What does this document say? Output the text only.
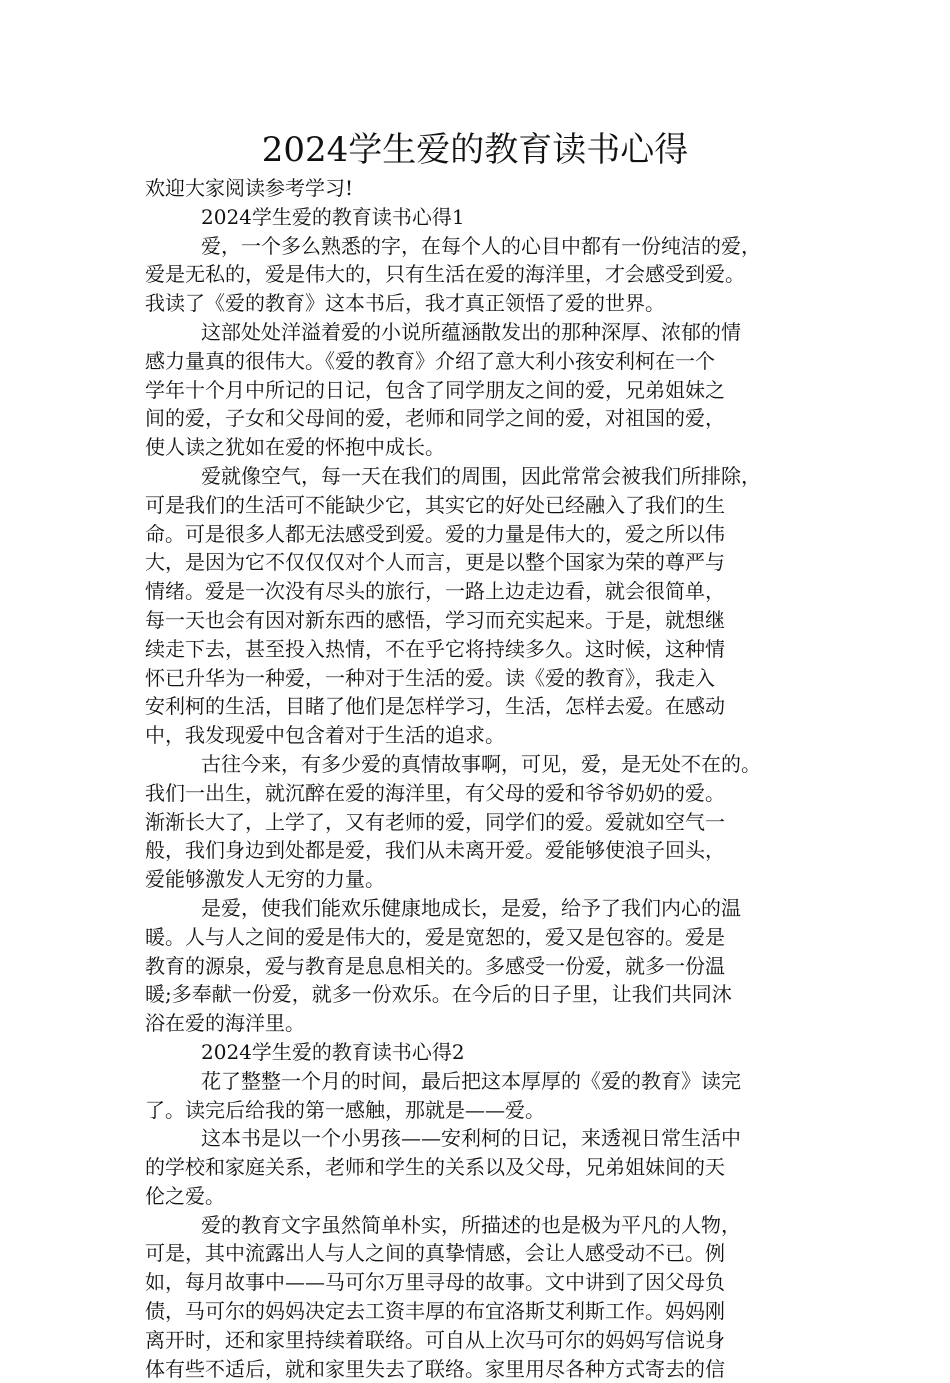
2024学生爱的教育读书心得
欢迎大家阅读参考学习!
2024学生爱的教育读书心得1
爱，一个多么熟悉的字，在每个人的心目中都有一份纯洁的爱，
爱是无私的，爱是伟大的，只有生活在爱的海洋里，才会感受到爱。
我读了《爱的教育》这本书后，我才真正领悟了爱的世界。
这部处处洋溢着爱的小说所蕴涵散发出的那种深厚、浓郁的情
感力量真的很伟大。《爱的教育》介绍了意大利小孩安利柯在一个
学年十个月中所记的日记，包含了同学朋友之间的爱，兄弟姐妹之
间的爱，子女和父母间的爱，老师和同学之间的爱，对祖国的爱，
使人读之犹如在爱的怀抱中成长。
爱就像空气，每一天在我们的周围，因此常常会被我们所排除，
可是我们的生活可不能缺少它，其实它的好处已经融入了我们的生
命。可是很多人都无法感受到爱。爱的力量是伟大的，爱之所以伟
大，是因为它不仅仅仅对个人而言，更是以整个国家为荣的尊严与
情绪。爱是一次没有尽头的旅行，一路上边走边看，就会很简单，
每一天也会有因对新东西的感悟，学习而充实起来。于是，就想继
续走下去，甚至投入热情，不在乎它将持续多久。这时候，这种情
怀已升华为一种爱，一种对于生活的爱。读《爱的教育》，我走入
安利柯的生活，目睹了他们是怎样学习，生活，怎样去爱。在感动
中，我发现爱中包含着对于生活的追求。
古往今来，有多少爱的真情故事啊，可见，爱，是无处不在的。
我们一出生，就沉醉在爱的海洋里，有父母的爱和爷爷奶奶的爱。
渐渐长大了，上学了，又有老师的爱，同学们的爱。爱就如空气一
般，我们身边到处都是爱，我们从未离开爱。爱能够使浪子回头，
爱能够激发人无穷的力量。
是爱，使我们能欢乐健康地成长，是爱，给予了我们内心的温
暖。人与人之间的爱是伟大的，爱是宽恕的，爱又是包容的。爱是
教育的源泉，爱与教育是息息相关的。多感受一份爱，就多一份温
暖;多奉献一份爱，就多一份欢乐。在今后的日子里，让我们共同沐
浴在爱的海洋里。
2024学生爱的教育读书心得2
花了整整一个月的时间，最后把这本厚厚的《爱的教育》读完
了。读完后给我的第一感触，那就是——爱。
这本书是以一个小男孩——安利柯的日记，来透视日常生活中
的学校和家庭关系，老师和学生的关系以及父母，兄弟姐妹间的天
伦之爱。
爱的教育文字虽然简单朴实，所描述的也是极为平凡的人物，
可是，其中流露出人与人之间的真挚情感，会让人感受动不已。例
如，每月故事中——马可尔万里寻母的故事。文中讲到了因父母负
债，马可尔的妈妈决定去工资丰厚的布宜洛斯艾利斯工作。妈妈刚
离开时，还和家里持续着联络。可自从上次马可尔的妈妈写信说身
体有些不适后，就和家里失去了联络。家里用尽各种方式寄去的信
